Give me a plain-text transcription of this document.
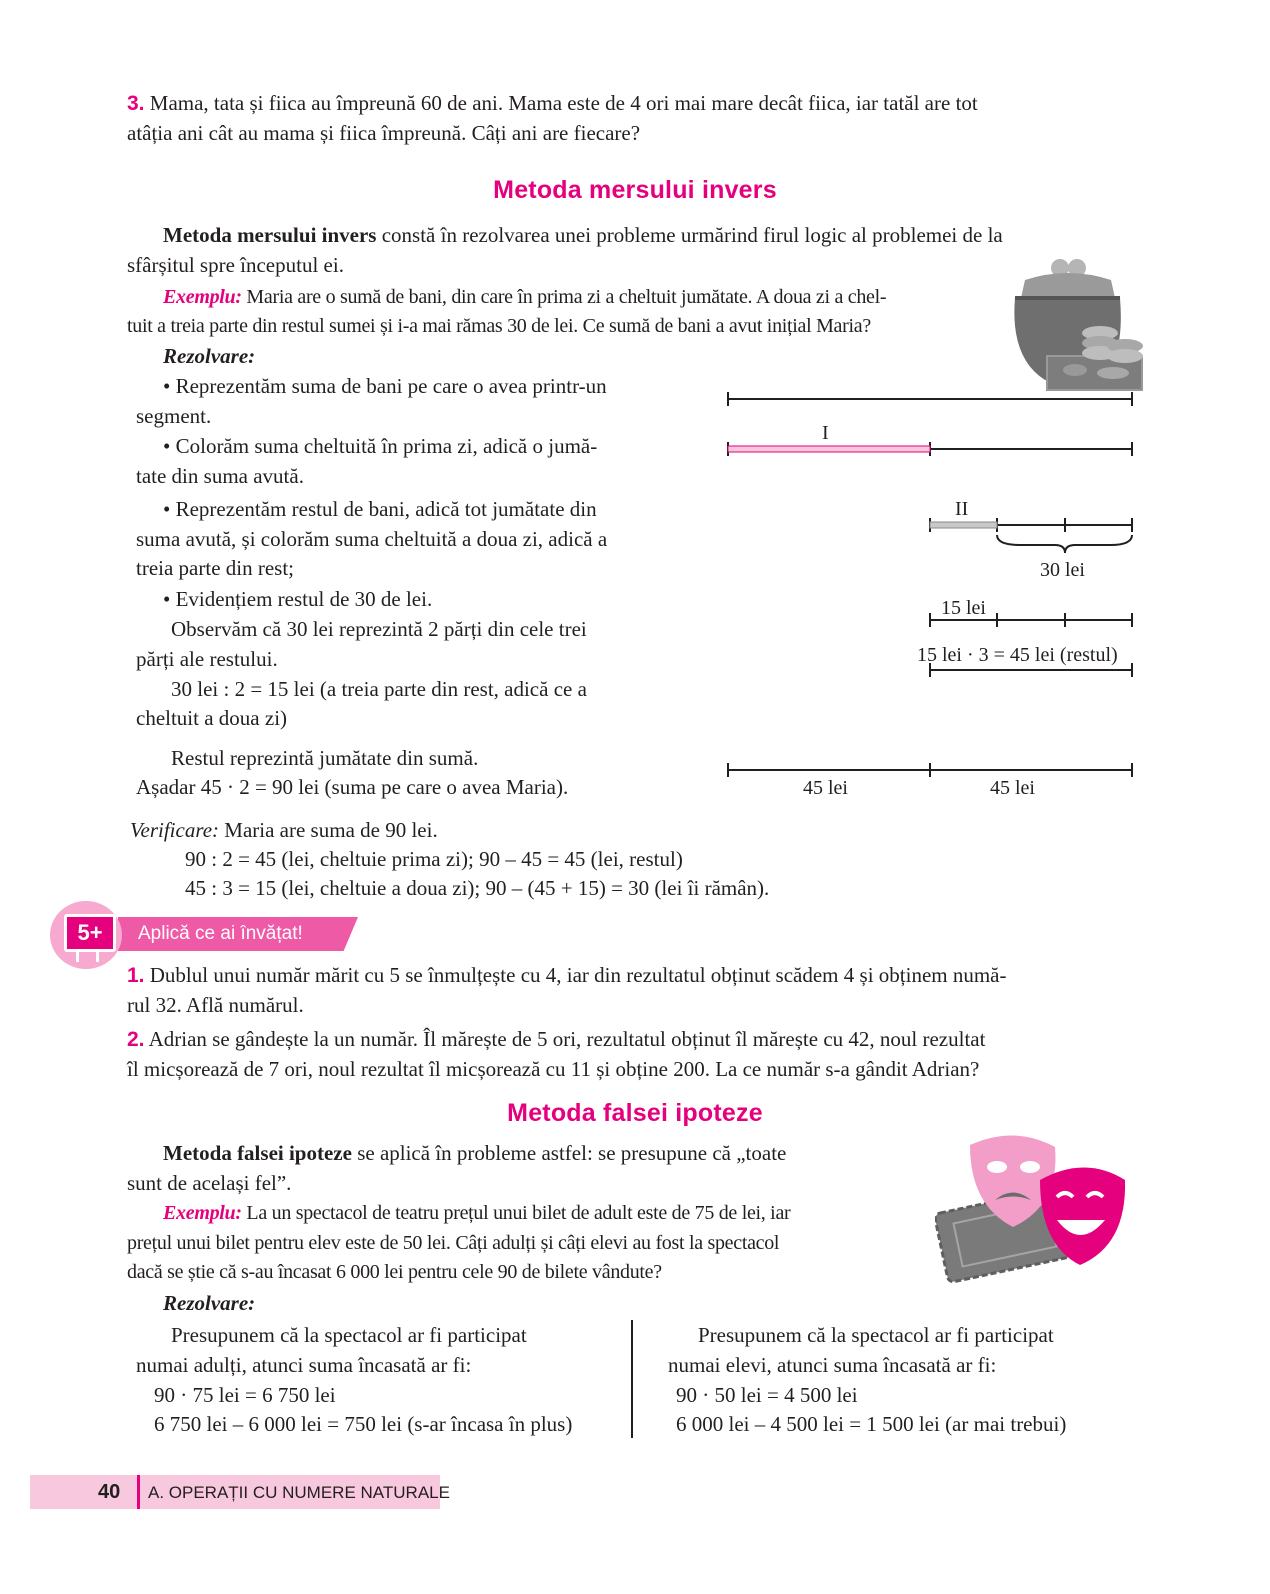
3. Mama, tata și fiica au împreună 60 de ani. Mama este de 4 ori mai mare decât fiica, iar tatăl are tot
atâția ani cât au mama și fiica împreună. Câți ani are fiecare?
Metoda mersului invers
Metoda mersului invers constă în rezolvarea unei probleme urmărind firul logic al problemei de la
sfârșitul spre începutul ei.
Exemplu: Maria are o sumă de bani, din care în prima zi a cheltuit jumătate. A doua zi a chel-
tuit a treia parte din restul sumei și i-a mai rămas 30 de lei. Ce sumă de bani a avut inițial Maria?
Rezolvare:
• Reprezentăm suma de bani pe care o avea printr-un
segment.
• Colorăm suma cheltuită în prima zi, adică o jumă-
tate din suma avută.
• Reprezentăm restul de bani, adică tot jumătate din
suma avută, și colorăm suma cheltuită a doua zi, adică a
treia parte din rest;
• Evidențiem restul de 30 de lei.
Observăm că 30 lei reprezintă 2 părți din cele trei
părți ale restului.
30 lei : 2 = 15 lei (a treia parte din rest, adică ce a
cheltuit a doua zi)
Restul reprezintă jumătate din sumă.
Așadar 45 · 2 = 90 lei (suma pe care o avea Maria).
I
II
30 lei
15 lei
15 lei · 3 = 45 lei (restul)
45 lei	45 lei
Verificare: Maria are suma de 90 lei.
90 : 2 = 45 (lei, cheltuie prima zi); 90 – 45 = 45 (lei, restul)
45 : 3 = 15 (lei, cheltuie a doua zi); 90 – (45 + 15) = 30 (lei îi rămân).
Aplică ce ai învățat!
5+
1. Dublul unui număr mărit cu 5 se înmulțește cu 4, iar din rezultatul obținut scădem 4 și obținem numă-
rul 32. Află numărul.
2. Adrian se gândește la un număr. Îl mărește de 5 ori, rezultatul obținut îl mărește cu 42, noul rezultat
îl micșorează de 7 ori, noul rezultat îl micșorează cu 11 și obține 200. La ce număr s-a gândit Adrian?
Metoda falsei ipoteze
Metoda falsei ipoteze se aplică în probleme astfel: se presupune că „toate
sunt de același fel”.
Exemplu: La un spectacol de teatru prețul unui bilet de adult este de 75 de lei, iar
prețul unui bilet pentru elev este de 50 lei. Câți adulți și câți elevi au fost la spectacol
dacă se știe că s-au încasat 6 000 lei pentru cele 90 de bilete vândute?
Rezolvare:
Presupunem că la spectacol ar fi participat
numai adulți, atunci suma încasată ar fi:
90 · 75 lei = 6 750 lei
6 750 lei – 6 000 lei = 750 lei (s-ar încasa în plus)
Presupunem că la spectacol ar fi participat
numai elevi, atunci suma încasată ar fi:
90 · 50 lei = 4 500 lei
6 000 lei – 4 500 lei = 1 500 lei (ar mai trebui)
40 A. OPERAȚII CU NUMERE NATURALE
